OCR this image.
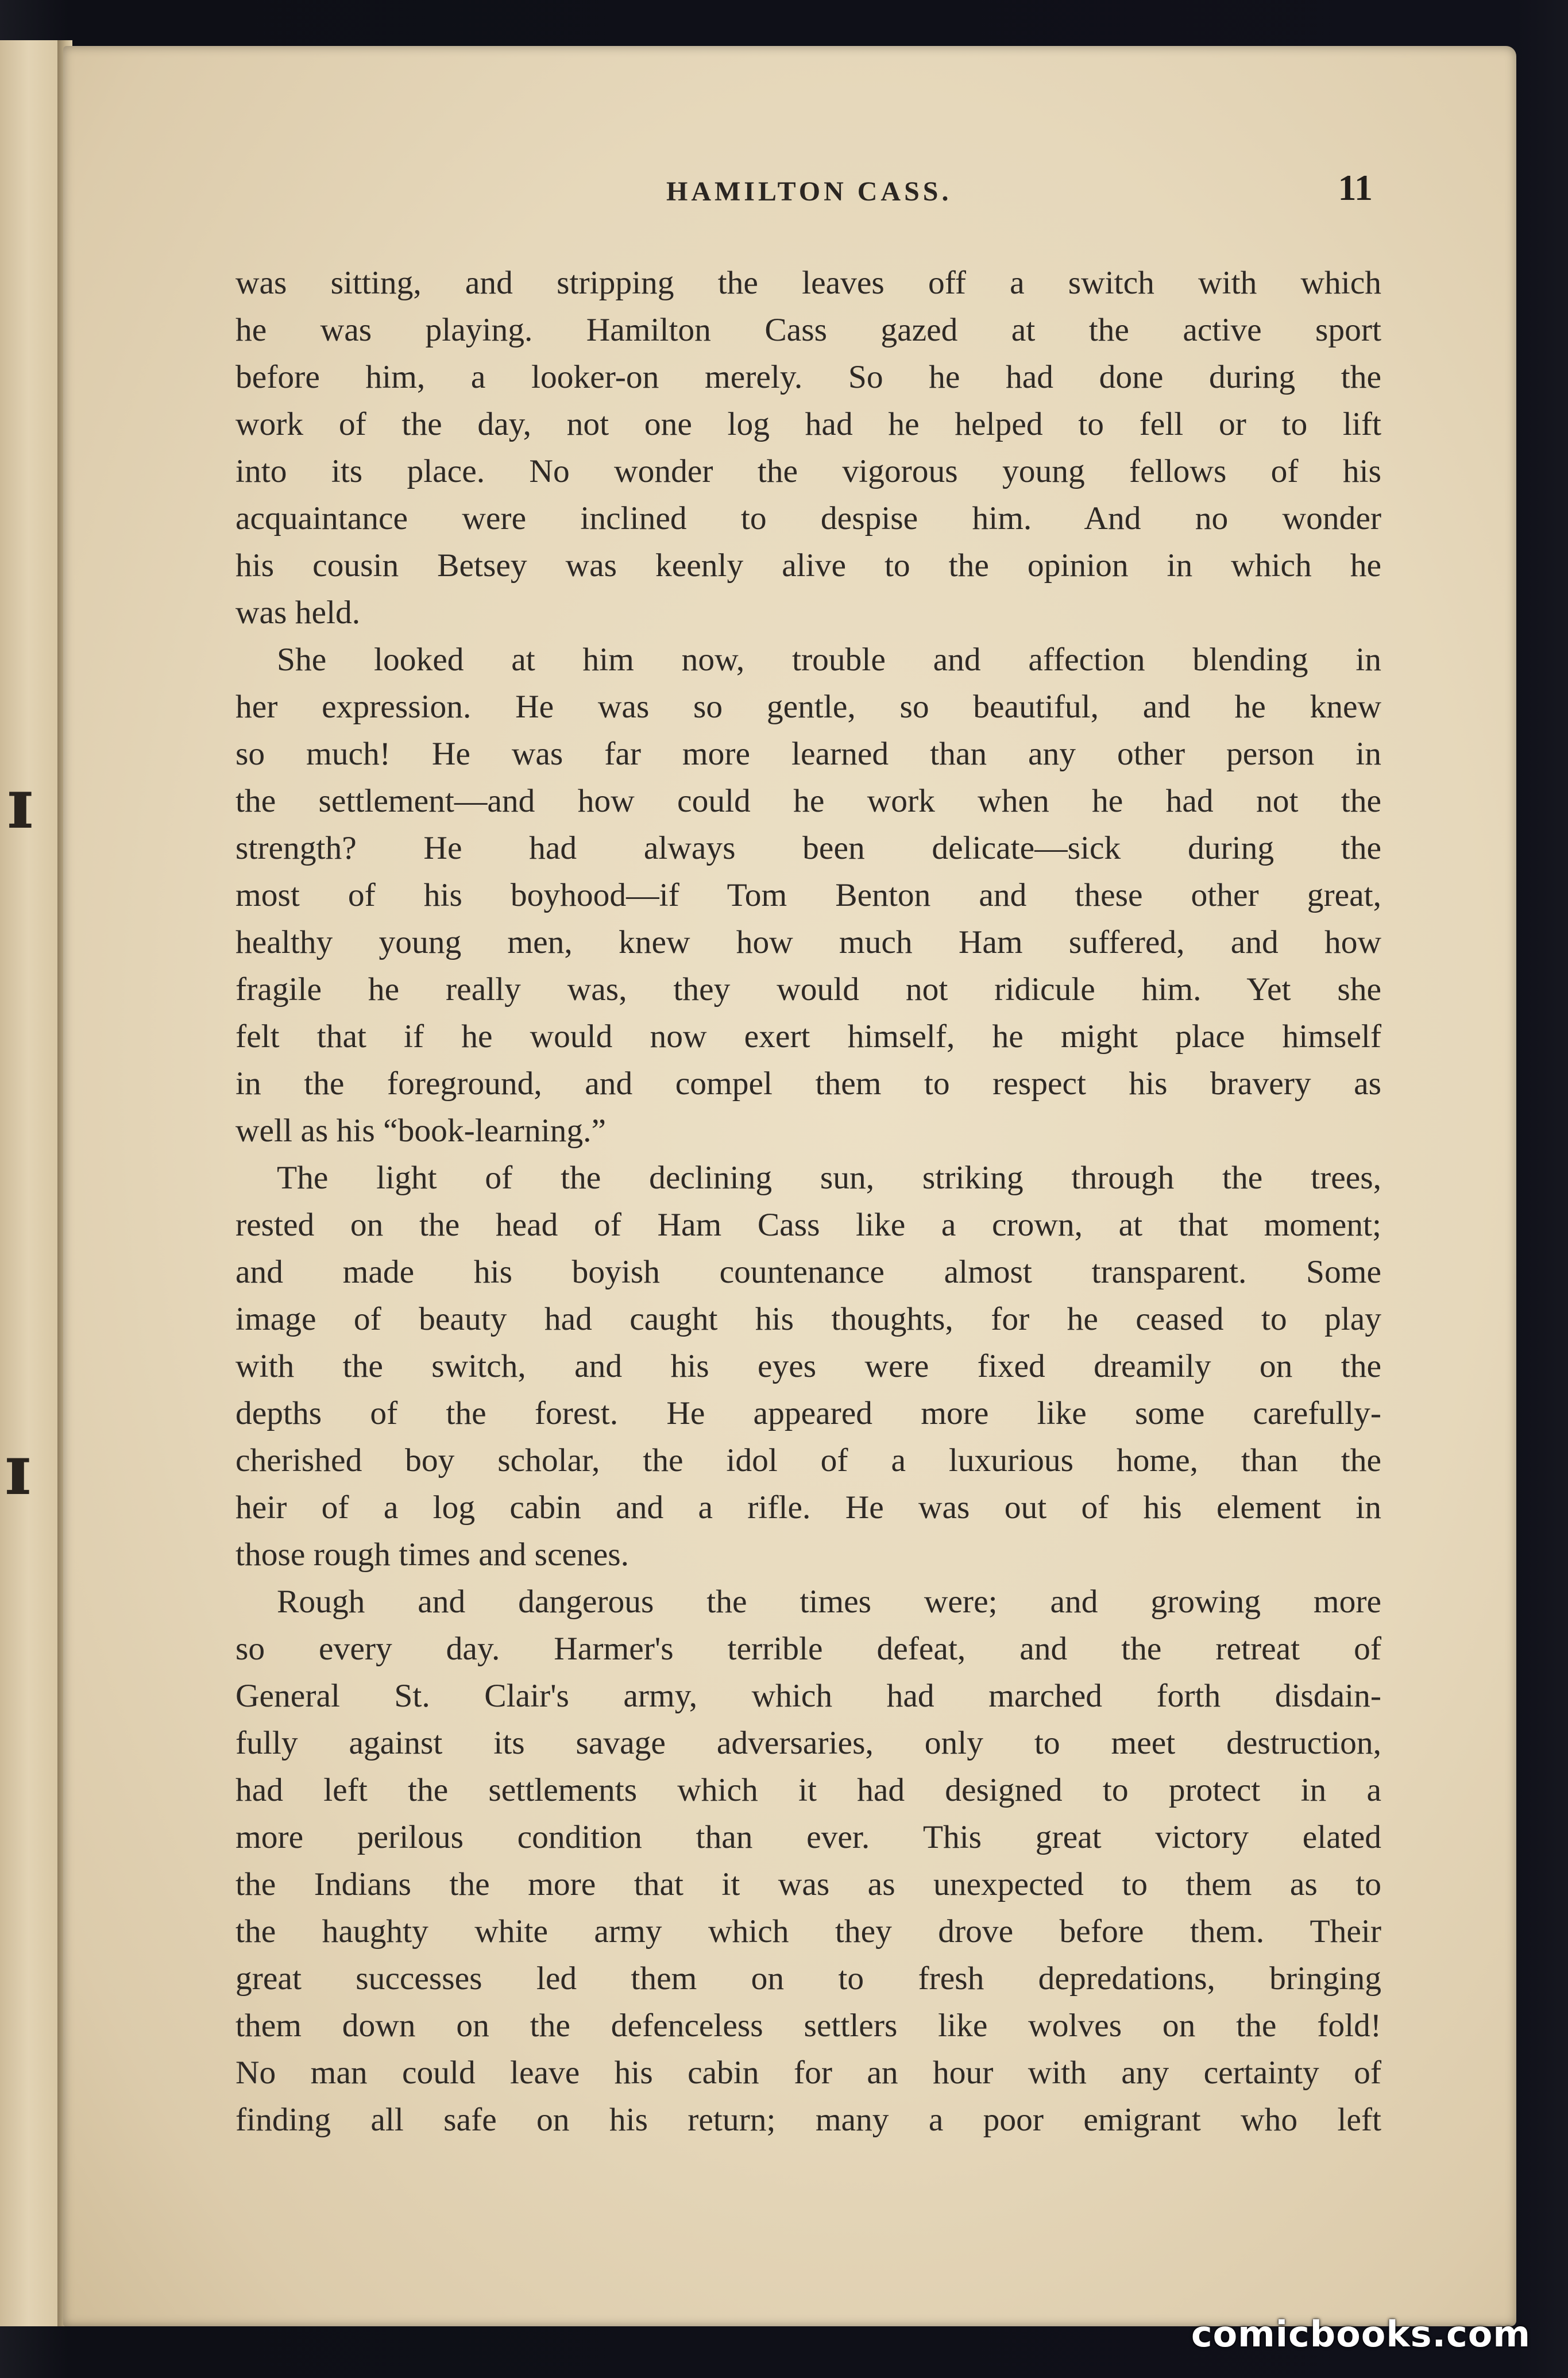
ɪ
ɪ
HAMILTON CASS.	11
was sitting, and stripping the leaves off a switch with which
he was playing. Hamilton Cass gazed at the active sport
before him, a looker-on merely. So he had done during the
work of the day, not one log had he helped to fell or to lift
into its place. No wonder the vigorous young fellows of his
acquaintance were inclined to despise him. And no wonder
his cousin Betsey was keenly alive to the opinion in which he
was held.
She looked at him now, trouble and affection blending in
her expression. He was so gentle, so beautiful, and he knew
so much! He was far more learned than any other person in
the settlement—and how could he work when he had not the
strength? He had always been delicate—sick during the
most of his boyhood—if Tom Benton and these other great,
healthy young men, knew how much Ham suffered, and how
fragile he really was, they would not ridicule him. Yet she
felt that if he would now exert himself, he might place himself
in the foreground, and compel them to respect his bravery as
well as his “book-learning.”
The light of the declining sun, striking through the trees,
rested on the head of Ham Cass like a crown, at that moment;
and made his boyish countenance almost transparent. Some
image of beauty had caught his thoughts, for he ceased to play
with the switch, and his eyes were fixed dreamily on the
depths of the forest. He appeared more like some carefully-
cherished boy scholar, the idol of a luxurious home, than the
heir of a log cabin and a rifle. He was out of his element in
those rough times and scenes.
Rough and dangerous the times were; and growing more
so every day. Harmer's terrible defeat, and the retreat of
General St. Clair's army, which had marched forth disdain-
fully against its savage adversaries, only to meet destruction,
had left the settlements which it had designed to protect in a
more perilous condition than ever. This great victory elated
the Indians the more that it was as unexpected to them as to
the haughty white army which they drove before them. Their
great successes led them on to fresh depredations, bringing
them down on the defenceless settlers like wolves on the fold!
No man could leave his cabin for an hour with any certainty of
finding all safe on his return; many a poor emigrant who left
comicbooks.com
